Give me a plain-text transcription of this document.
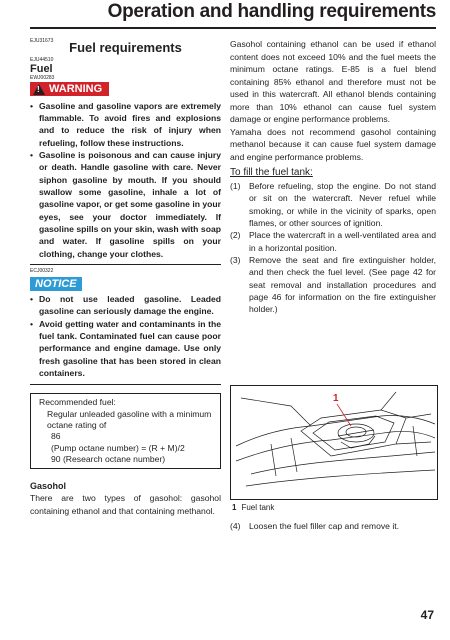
Operation and handling requirements
EJU31673	Fuel requirements
EJU44510
Fuel
EWJ00283
!
WARNING
• Gasoline and gasoline vapors are extremely flammable. To avoid fires and explosions and to reduce the risk of injury when refueling, follow these instructions.
• Gasoline is poisonous and can cause injury or death. Handle gasoline with care. Never siphon gasoline by mouth. If you should swallow some gasoline, inhale a lot of gasoline vapor, or get some gasoline in your eyes, see your doctor immediately. If gasoline spills on your skin, wash with soap and water. If gasoline spills on your clothing, change your clothes.
ECJ00322
NOTICE
• Do not use leaded gasoline. Leaded gasoline can seriously damage the engine.
• Avoid getting water and contaminants in the fuel tank. Contaminated fuel can cause poor performance and engine damage. Use only fresh gasoline that has been stored in clean containers.
Recommended fuel:
Regular unleaded gasoline with a minimum octane rating of
86
(Pump octane number) = (R + M)/2
90 (Research octane number)
Gasohol

There are two types of gasohol: gasohol containing ethanol and that containing methanol.

Gasohol containing ethanol can be used if ethanol content does not exceed 10% and the fuel meets the minimum octane ratings. E-85 is a fuel blend containing 85% ethanol and therefore must not be used in this watercraft. All ethanol blends containing more than 10% ethanol can cause fuel system damage or engine performance problems.

Yamaha does not recommend gasohol containing methanol because it can cause fuel system damage and engine performance problems.

To fill the fuel tank:
(1) Before refueling, stop the engine. Do not stand or sit on the watercraft. Never refuel while smoking, or while in the vicinity of sparks, open flames, or other sources of ignition.
(2) Place the watercraft in a well-ventilated area and in a horizontal position.
(3) Remove the seat and fire extinguisher holder, and then check the fuel level. (See page 42 for seat removal and installation procedures and page 46 for information on the fire extinguisher holder.)
1
1 Fuel tank
(4) Loosen the fuel filler cap and remove it.
47
